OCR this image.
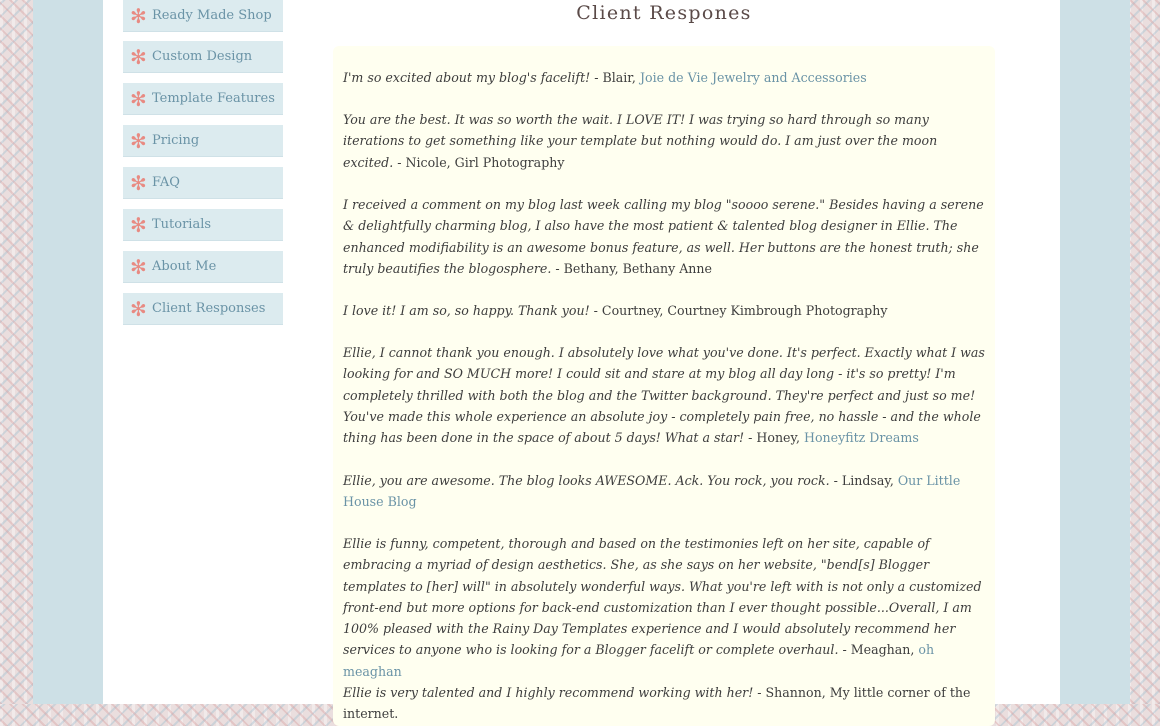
✻ Ready Made Shop
✻ Custom Design
✻ Template Features
✻ Pricing
✻ FAQ
✻ Tutorials
✻ About Me
✻ Client Responses
Client Respones

I'm so excited about my blog's facelift! - Blair, Joie de Vie Jewelry and Accessories

You are the best. It was so worth the wait. I LOVE IT! I was trying so hard through so many iterations to get something like your template but nothing would do. I am just over the moon excited. - Nicole, Girl Photography

I received a comment on my blog last week calling my blog "soooo serene." Besides having a serene & delightfully charming blog, I also have the most patient & talented blog designer in Ellie. The enhanced modifiability is an awesome bonus feature, as well. Her buttons are the honest truth; she truly beautifies the blogosphere. - Bethany, Bethany Anne

I love it! I am so, so happy. Thank you! - Courtney, Courtney Kimbrough Photography

Ellie, I cannot thank you enough. I absolutely love what you've done. It's perfect. Exactly what I was looking for and SO MUCH more! I could sit and stare at my blog all day long - it's so pretty! I'm completely thrilled with both the blog and the Twitter background. They're perfect and just so me! You've made this whole experience an absolute joy - completely pain free, no hassle - and the whole thing has been done in the space of about 5 days! What a star! - Honey, Honeyfitz Dreams

Ellie, you are awesome. The blog looks AWESOME. Ack. You rock, you rock. - Lindsay, Our Little House Blog

Ellie is funny, competent, thorough and based on the testimonies left on her site, capable of embracing a myriad of design aesthetics. She, as she says on her website, "bend[s] Blogger templates to [her] will" in absolutely wonderful ways. What you're left with is not only a customized front-end but more options for back-end customization than I ever thought possible...Overall, I am 100% pleased with the Rainy Day Templates experience and I would absolutely recommend her services to anyone who is looking for a Blogger facelift or complete overhaul. - Meaghan, oh meaghan

Ellie is very talented and I highly recommend working with her! - Shannon, My little corner of the internet.
